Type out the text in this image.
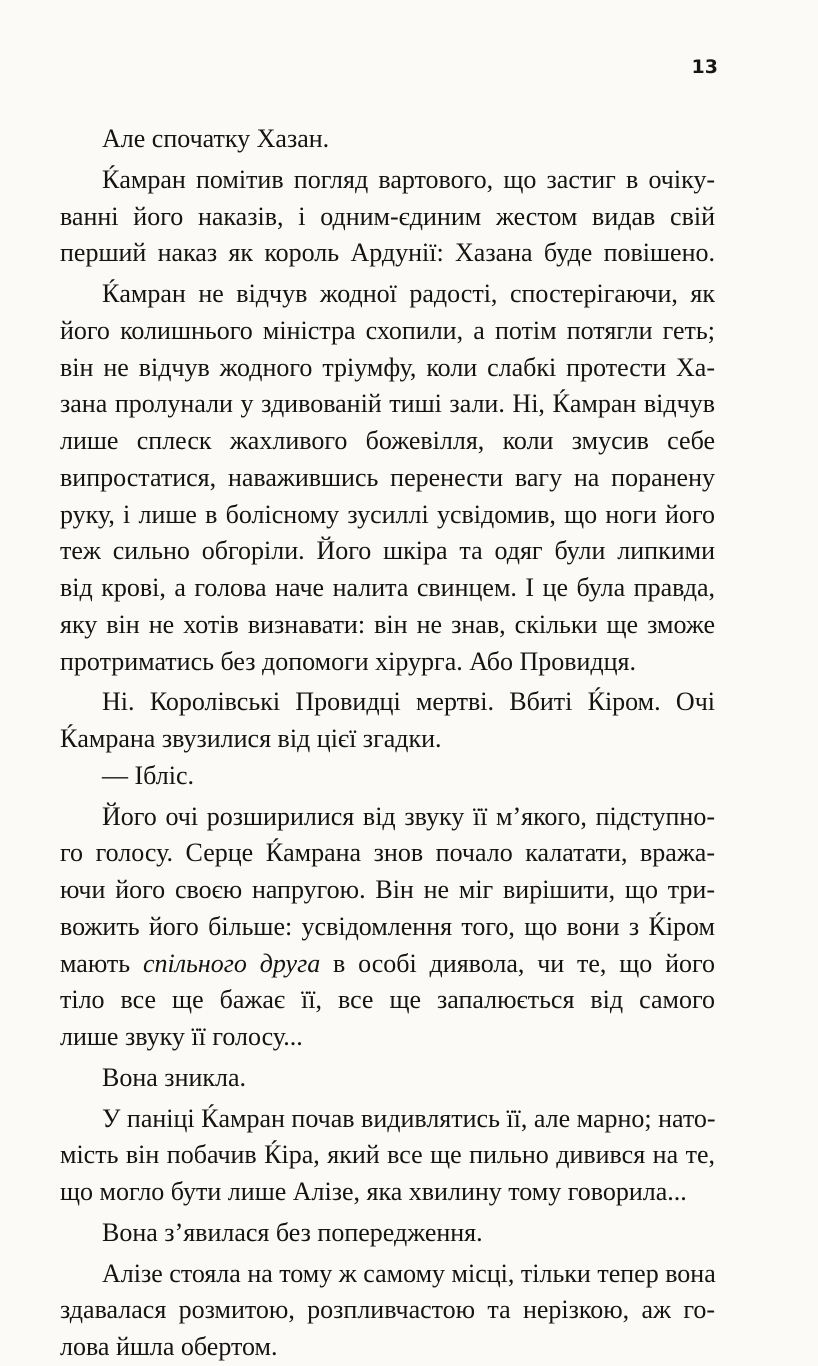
13
Але спочатку Хазан.
Ќамран помітив погляд вартового, що застиг в очіку-
ванні його наказів, і одним-єдиним жестом видав свій
перший наказ як король Ардунії: Хазана буде повішено.
Ќамран не відчув жодної радості, спостерігаючи, як
його колишнього міністра схопили, а потім потягли геть;
він не відчув жодного тріумфу, коли слабкі протести Ха-
зана пролунали у здивованій тиші зали. Ні, Ќамран відчув
лише сплеск жахливого божевілля, коли змусив себе
випростатися, наважившись перенести вагу на поранену
руку, і лише в болісному зусиллі усвідомив, що ноги його
теж сильно обгоріли. Його шкіра та одяг були липкими
від крові, а голова наче налита свинцем. І це була правда,
яку він не хотів визнавати: він не знав, скільки ще зможе
протриматись без допомоги хірурга. Або Провидця.
Ні. Королівські Провидці мертві. Вбиті Ќіром. Очі
Ќамрана звузилися від цієї згадки.
— Ібліс.
Його очі розширилися від звуку її м’якого, підступно-
го голосу. Серце Ќамрана знов почало калатати, вража-
ючи його своєю напругою. Він не міг вирішити, що три-
вожить його більше: усвідомлення того, що вони з Ќіром
мають спільного друга в особі диявола, чи те, що його
тіло все ще бажає її, все ще запалюється від самого
лише звуку її голосу...
Вона зникла.
У паніці Ќамран почав видивлятись її, але марно; нато-
мість він побачив Ќіра, який все ще пильно дивився на те,
що могло бути лише Алізе, яка хвилину тому говорила...
Вона з’явилася без попередження.
Алізе стояла на тому ж самому місці, тільки тепер вона
здавалася розмитою, розпливчастою та нерізкою, аж го-
лова йшла обертом.
